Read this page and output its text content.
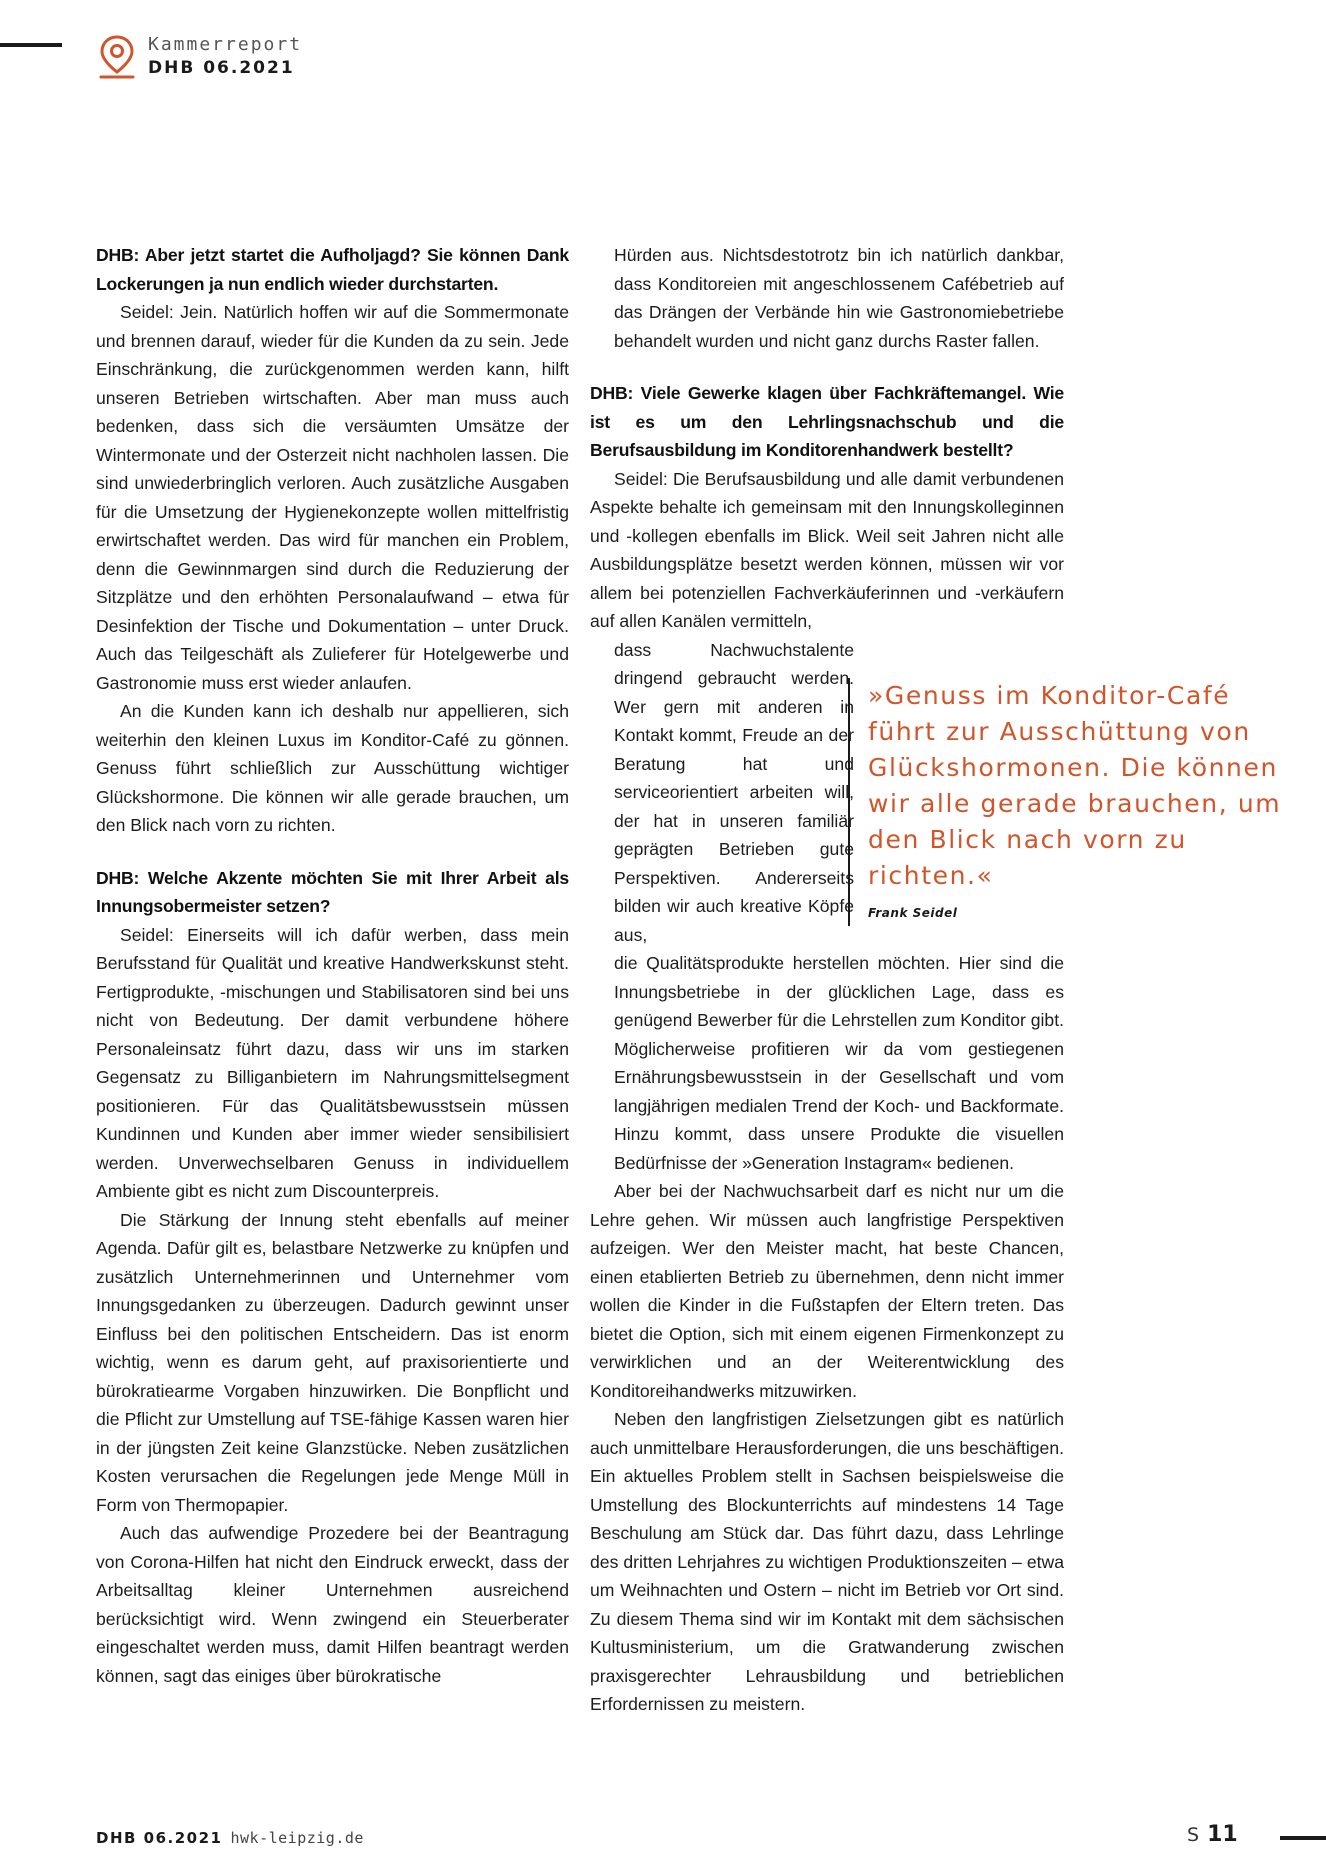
Kammerreport
DHB 06.2021

DHB: Aber jetzt startet die Aufholjagd? Sie können Dank Lockerungen ja nun endlich wieder durchstarten.

Seidel: Jein. Natürlich hoffen wir auf die Sommermonate und brennen darauf, wieder für die Kunden da zu sein. Jede Einschränkung, die zurückgenommen werden kann, hilft unseren Betrieben wirtschaften. Aber man muss auch bedenken, dass sich die versäumten Umsätze der Wintermonate und der Osterzeit nicht nachholen lassen. Die sind unwiederbringlich verloren. Auch zusätzliche Ausgaben für die Umsetzung der Hygienekonzepte wollen mittelfristig erwirtschaftet werden. Das wird für manchen ein Problem, denn die Gewinnmargen sind durch die Reduzierung der Sitzplätze und den erhöhten Personalaufwand – etwa für Desinfektion der Tische und Dokumentation – unter Druck. Auch das Teilgeschäft als Zulieferer für Hotelgewerbe und Gastronomie muss erst wieder anlaufen.

An die Kunden kann ich deshalb nur appellieren, sich weiterhin den kleinen Luxus im Konditor-Café zu gönnen. Genuss führt schließlich zur Ausschüttung wichtiger Glückshormone. Die können wir alle gerade brauchen, um den Blick nach vorn zu richten.

DHB: Welche Akzente möchten Sie mit Ihrer Arbeit als Innungsobermeister setzen?

Seidel: Einerseits will ich dafür werben, dass mein Berufsstand für Qualität und kreative Handwerkskunst steht. Fertigprodukte, -mischungen und Stabilisatoren sind bei uns nicht von Bedeutung. Der damit verbundene höhere Personaleinsatz führt dazu, dass wir uns im starken Gegensatz zu Billiganbietern im Nahrungsmittelsegment positionieren. Für das Qualitätsbewusstsein müssen Kundinnen und Kunden aber immer wieder sensibilisiert werden. Unverwechselbaren Genuss in individuellem Ambiente gibt es nicht zum Discounterpreis.

Die Stärkung der Innung steht ebenfalls auf meiner Agenda. Dafür gilt es, belastbare Netzwerke zu knüpfen und zusätzlich Unternehmerinnen und Unternehmer vom Innungsgedanken zu überzeugen. Dadurch gewinnt unser Einfluss bei den politischen Entscheidern. Das ist enorm wichtig, wenn es darum geht, auf praxisorientierte und bürokratiearme Vorgaben hinzuwirken. Die Bonpflicht und die Pflicht zur Umstellung auf TSE-fähige Kassen waren hier in der jüngsten Zeit keine Glanzstücke. Neben zusätzlichen Kosten verursachen die Regelungen jede Menge Müll in Form von Thermopapier.

Auch das aufwendige Prozedere bei der Beantragung von Corona-Hilfen hat nicht den Eindruck erweckt, dass der Arbeitsalltag kleiner Unternehmen ausreichend berücksichtigt wird. Wenn zwingend ein Steuerberater eingeschaltet werden muss, damit Hilfen beantragt werden können, sagt das einiges über bürokratische

Hürden aus. Nichtsdestotrotz bin ich natürlich dankbar, dass Konditoreien mit angeschlossenem Cafébetrieb auf das Drängen der Verbände hin wie Gastronomiebetriebe behandelt wurden und nicht ganz durchs Raster fallen.

DHB: Viele Gewerke klagen über Fachkräftemangel. Wie ist es um den Lehrlingsnachschub und die Berufsausbildung im Konditorenhandwerk bestellt?

Seidel: Die Berufsausbildung und alle damit verbundenen Aspekte behalte ich gemeinsam mit den Innungskolleginnen und -kollegen ebenfalls im Blick. Weil seit Jahren nicht alle Ausbildungsplätze besetzt werden können, müssen wir vor allem bei potenziellen Fachverkäuferinnen und -verkäufern auf allen Kanälen vermitteln,

dass Nachwuchstalente dringend gebraucht werden. Wer gern mit anderen in Kontakt kommt, Freude an der Beratung hat und serviceorientiert arbeiten will, der hat in unseren familiär geprägten Betrieben gute Perspektiven. Andererseits bilden wir auch kreative Köpfe aus,

die Qualitätsprodukte herstellen möchten. Hier sind die Innungsbetriebe in der glücklichen Lage, dass es genügend Bewerber für die Lehrstellen zum Konditor gibt. Möglicherweise profitieren wir da vom gestiegenen Ernährungsbewusstsein in der Gesellschaft und vom langjährigen medialen Trend der Koch- und Backformate. Hinzu kommt, dass unsere Produkte die visuellen Bedürfnisse der »Generation Instagram« bedienen.

Aber bei der Nachwuchsarbeit darf es nicht nur um die Lehre gehen. Wir müssen auch langfristige Perspektiven aufzeigen. Wer den Meister macht, hat beste Chancen, einen etablierten Betrieb zu übernehmen, denn nicht immer wollen die Kinder in die Fußstapfen der Eltern treten. Das bietet die Option, sich mit einem eigenen Firmenkonzept zu verwirklichen und an der Weiterentwicklung des Konditoreihandwerks mitzuwirken.

Neben den langfristigen Zielsetzungen gibt es natürlich auch unmittelbare Herausforderungen, die uns beschäftigen. Ein aktuelles Problem stellt in Sachsen beispielsweise die Umstellung des Blockunterrichts auf mindestens 14 Tage Beschulung am Stück dar. Das führt dazu, dass Lehrlinge des dritten Lehrjahres zu wichtigen Produktionszeiten – etwa um Weihnachten und Ostern – nicht im Betrieb vor Ort sind. Zu diesem Thema sind wir im Kontakt mit dem sächsischen Kultusministerium, um die Gratwanderung zwischen praxisgerechter Lehrausbildung und betrieblichen Erfordernissen zu meistern.

»Genuss im Konditor-Café führt zur Ausschüttung von Glückshormonen. Die können wir alle gerade brauchen, um den Blick nach vorn zu richten.«

Frank Seidel
DHB 06.2021 hwk-leipzig.de	S 11
